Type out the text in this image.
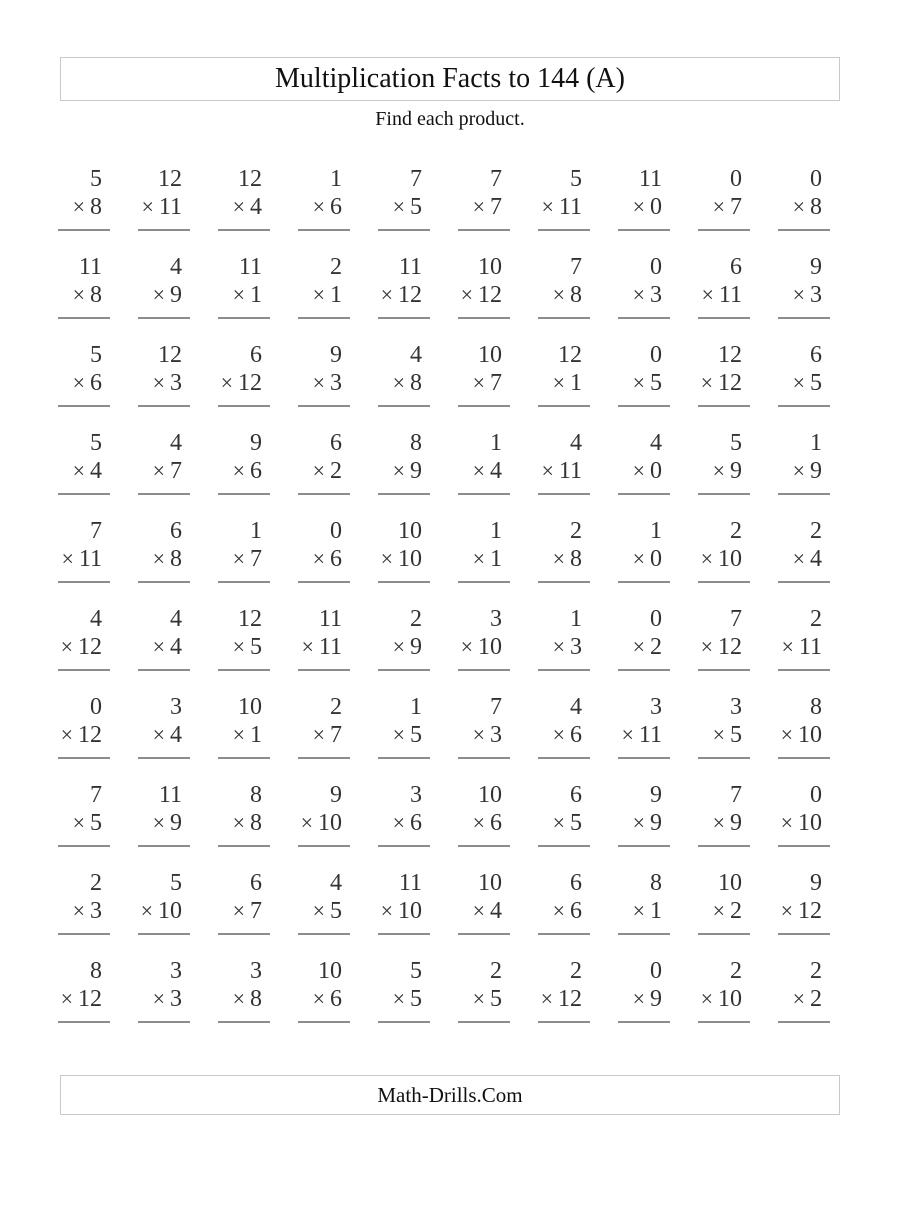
Multiplication Facts to 144 (A)
Find each product.
5
× 8
12
× 11
12
× 4
1
× 6
7
× 5
7
× 7
5
× 11
11
× 0
0
× 7
0
× 8
11
× 8
4
× 9
11
× 1
2
× 1
11
× 12
10
× 12
7
× 8
0
× 3
6
× 11
9
× 3
5
× 6
12
× 3
6
× 12
9
× 3
4
× 8
10
× 7
12
× 1
0
× 5
12
× 12
6
× 5
5
× 4
4
× 7
9
× 6
6
× 2
8
× 9
1
× 4
4
× 11
4
× 0
5
× 9
1
× 9
7
× 11
6
× 8
1
× 7
0
× 6
10
× 10
1
× 1
2
× 8
1
× 0
2
× 10
2
× 4
4
× 12
4
× 4
12
× 5
11
× 11
2
× 9
3
× 10
1
× 3
0
× 2
7
× 12
2
× 11
0
× 12
3
× 4
10
× 1
2
× 7
1
× 5
7
× 3
4
× 6
3
× 11
3
× 5
8
× 10
7
× 5
11
× 9
8
× 8
9
× 10
3
× 6
10
× 6
6
× 5
9
× 9
7
× 9
0
× 10
2
× 3
5
× 10
6
× 7
4
× 5
11
× 10
10
× 4
6
× 6
8
× 1
10
× 2
9
× 12
8
× 12
3
× 3
3
× 8
10
× 6
5
× 5
2
× 5
2
× 12
0
× 9
2
× 10
2
× 2
Math-Drills.Com
